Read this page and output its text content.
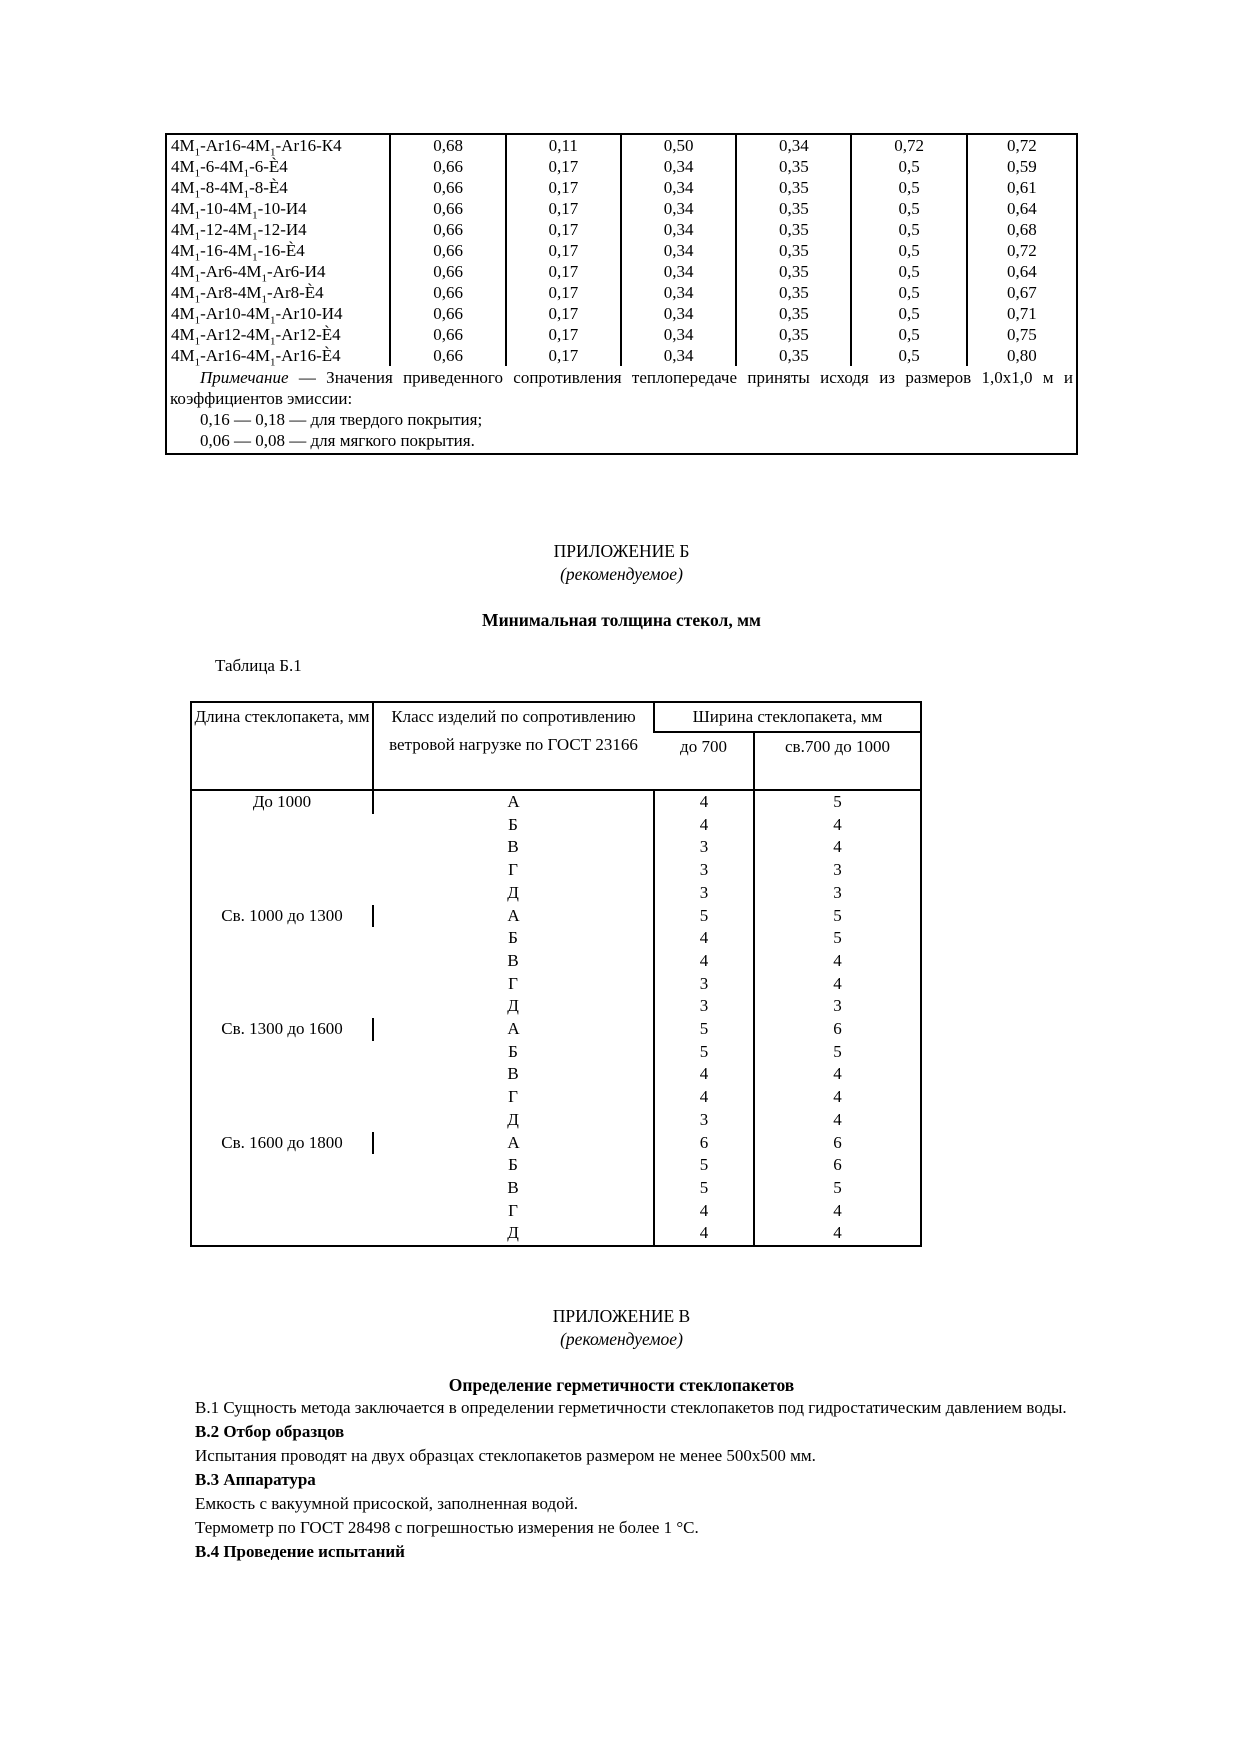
$4М_1-Ar16-4М_1-Ar16-К4$	0,68	0,11	0,50	0,34	0,72	0,72
$4М_1-6-4М_1-6-È4$	0,66	0,17	0,34	0,35	0,5	0,59
$4М_1-8-4М_1-8-È4$	0,66	0,17	0,34	0,35	0,5	0,61
$4М_1-10-4М_1-10-И4$	0,66	0,17	0,34	0,35	0,5	0,64
$4М_1-12-4М_1-12-И4$	0,66	0,17	0,34	0,35	0,5	0,68
$4М_1-16-4М_1-16-È4$	0,66	0,17	0,34	0,35	0,5	0,72
$4М_1-Ar6-4М_1-Ar6-И4$	0,66	0,17	0,34	0,35	0,5	0,64
$4М_1-Ar8-4М_1-Ar8-È4$	0,66	0,17	0,34	0,35	0,5	0,67
$4М_1-Ar10-4М_1-Ar10-И4$	0,66	0,17	0,34	0,35	0,5	0,71
$4М_1-Ar12-4М_1-Ar12-È4$	0,66	0,17	0,34	0,35	0,5	0,75
$4М_1-Ar16-4М_1-Ar16-È4$	0,66	0,17	0,34	0,35	0,5	0,80

Примечание — Значения приведенного сопротивления теплопередаче приняты исходя из размеров 1,0х1,0 м и коэффициентов эмиссии:

0,16 — 0,18 — для твердого покрытия;

0,06 — 0,08 — для мягкого покрытия.						

ПРИЛОЖЕНИЕ Б
(рекомендуемое)
Минимальная толщина стекол, мм
Таблица Б.1
Длина стеклопакета, мм	Класс изделий по сопротивлению ветровой нагрузке по ГОСТ 23166	Ширина стеклопакета, мм	
		до 700	св.700 до 1000
До 1000	А	4	5
	Б	4	4
	В	3	4
	Г	3	3
	Д	3	3
Св. 1000 до 1300	А	5	5
	Б	4	5
	В	4	4
	Г	3	4
	Д	3	3
Св. 1300 до 1600	А	5	6
	Б	5	5
	В	4	4
	Г	4	4
	Д	3	4
Св. 1600 до 1800	А	6	6
	Б	5	6
	В	5	5
	Г	4	4
	Д	4	4
ПРИЛОЖЕНИЕ В
(рекомендуемое)
Определение герметичности стеклопакетов

В.1 Сущность метода заключается в определении герметичности стеклопакетов под гидростатическим давлением воды.

В.2 Отбор образцов

Испытания проводят на двух образцах стеклопакетов размером не менее 500х500 мм.

В.3 Аппаратура

Емкость с вакуумной присоской, заполненная водой.

Термометр по ГОСТ 28498 с погрешностью измерения не более 1 °С.

В.4 Проведение испытаний
